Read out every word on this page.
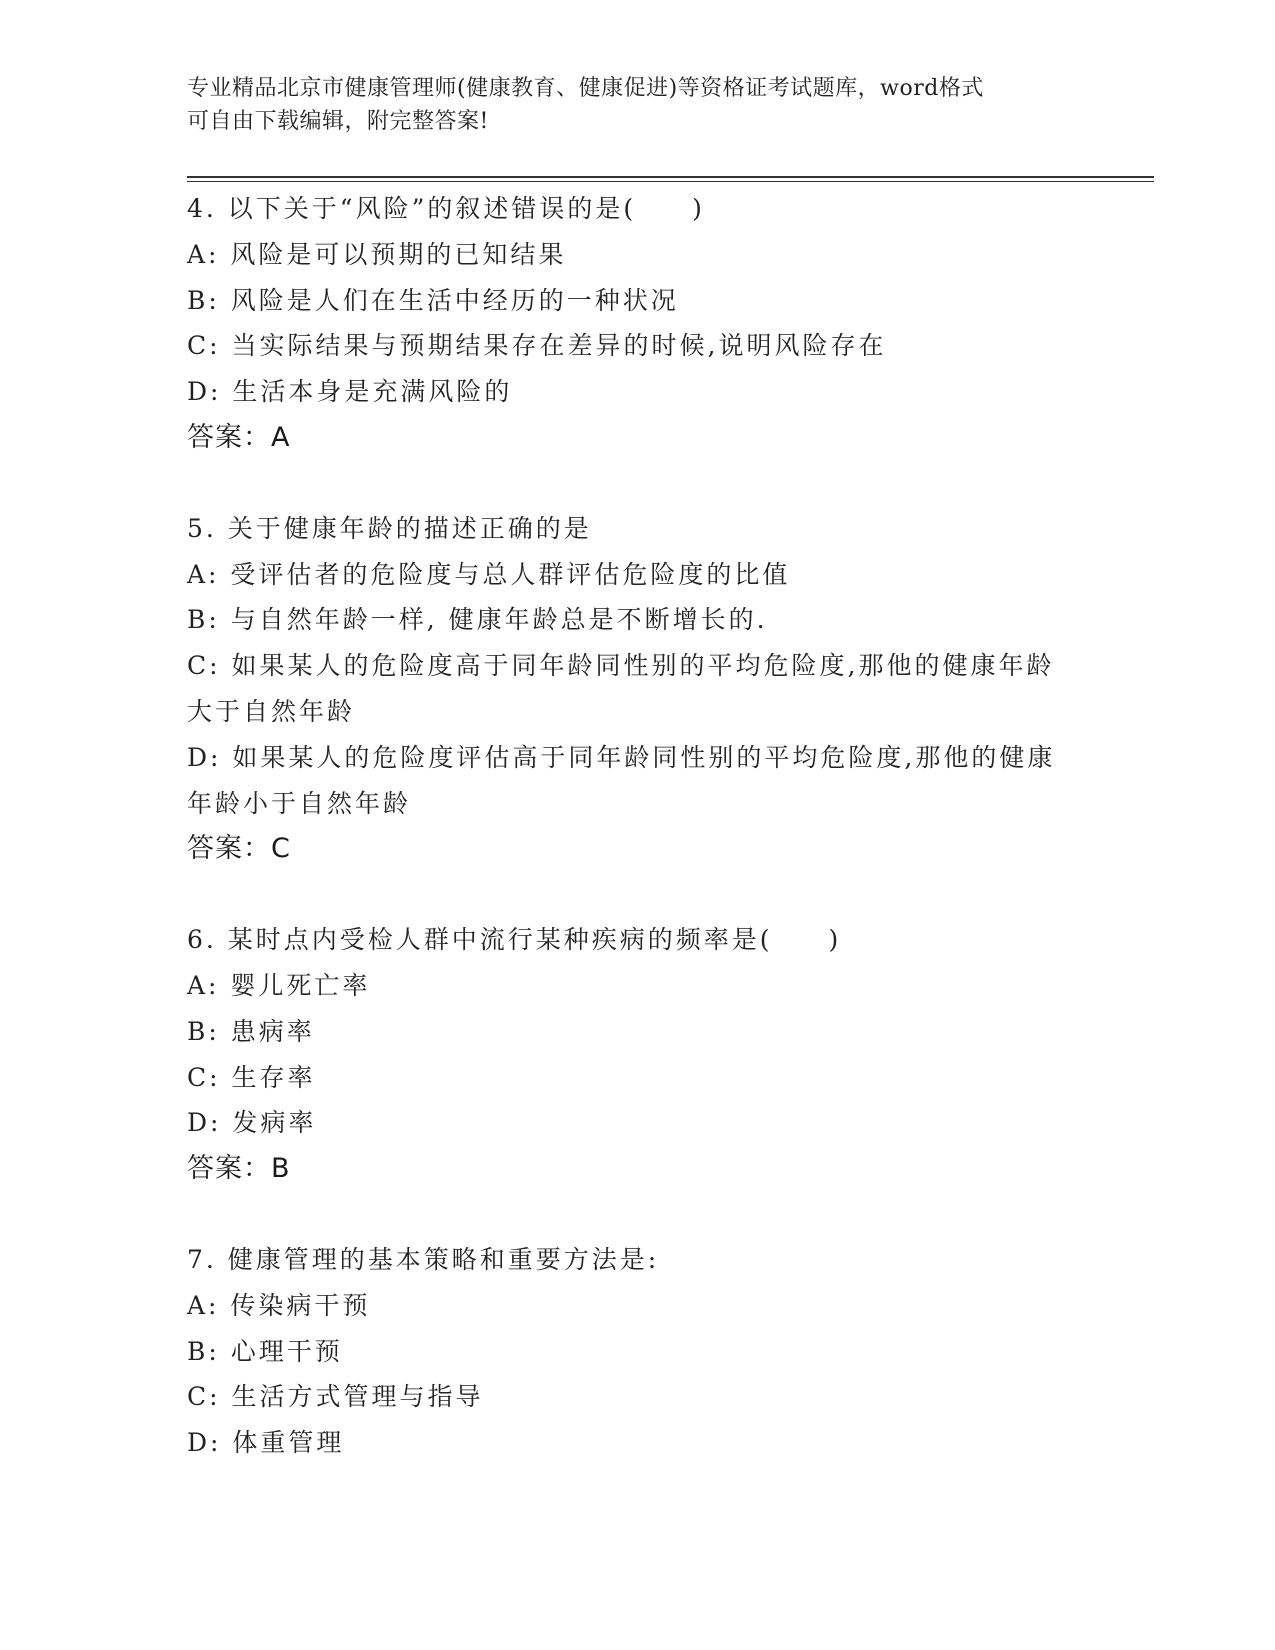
专业精品北京市健康管理师(健康教育、健康促进)等资格证考试题库，word格式
可自由下载编辑，附完整答案!
4. 以下关于“风险”的叙述错误的是(　　)
A: 风险是可以预期的已知结果
B: 风险是人们在生活中经历的一种状况
C: 当实际结果与预期结果存在差异的时候,说明风险存在
D: 生活本身是充满风险的
答案：A
5. 关于健康年龄的描述正确的是
A: 受评估者的危险度与总人群评估危险度的比值
B: 与自然年龄一样, 健康年龄总是不断增长的.
C: 如果某人的危险度高于同年龄同性别的平均危险度,那他的健康年龄大于自然年龄
D: 如果某人的危险度评估高于同年龄同性别的平均危险度,那他的健康年龄小于自然年龄
答案：C
6. 某时点内受检人群中流行某种疾病的频率是(　　)
A: 婴儿死亡率
B: 患病率
C: 生存率
D: 发病率
答案：B
7. 健康管理的基本策略和重要方法是:
A: 传染病干预
B: 心理干预
C: 生活方式管理与指导
D: 体重管理
